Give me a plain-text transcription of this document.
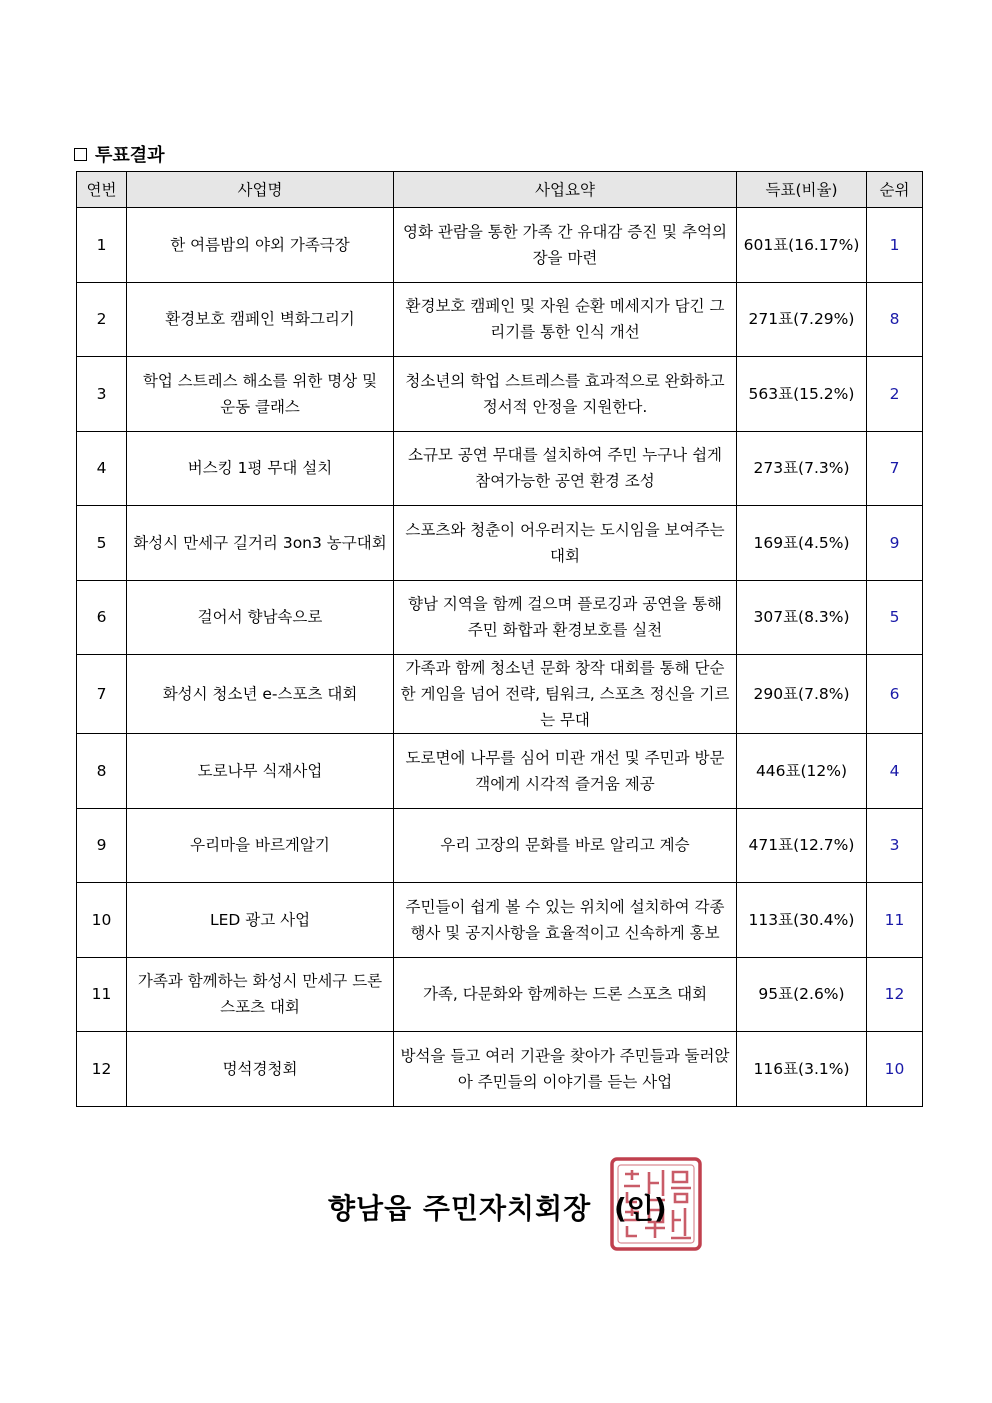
투표결과
연번	사업명	사업요약	득표(비율)	순위
1	한 여름밤의 야외 가족극장	영화 관람을 통한 가족 간 유대감 증진 및 추억의 장을 마련	601표(16.17%)	1
2	환경보호 캠페인 벽화그리기	환경보호 캠페인 및 자원 순환 메세지가 담긴 그리기를 통한 인식 개선	271표(7.29%)	8
3	학업 스트레스 해소를 위한 명상 및 운동 클래스	청소년의 학업 스트레스를 효과적으로 완화하고 정서적 안정을 지원한다.	563표(15.2%)	2
4	버스킹 1평 무대 설치	소규모 공연 무대를 설치하여 주민 누구나 쉽게 참여가능한 공연 환경 조성	273표(7.3%)	7
5	화성시 만세구 길거리 3on3 농구대회	스포츠와 청춘이 어우러지는 도시임을 보여주는 대회	169표(4.5%)	9
6	걸어서 향남속으로	향남 지역을 함께 걸으며 플로깅과 공연을 통해 주민 화합과 환경보호를 실천	307표(8.3%)	5
7	화성시 청소년 e-스포츠 대회	가족과 함께 청소년 문화 창작 대회를 통해 단순한 게임을 넘어 전략, 팀워크, 스포츠 정신을 기르는 무대	290표(7.8%)	6
8	도로나무 식재사업	도로면에 나무를 심어 미관 개선 및 주민과 방문객에게 시각적 즐거움 제공	446표(12%)	4
9	우리마을 바르게알기	우리 고장의 문화를 바로 알리고 계승	471표(12.7%)	3
10	LED 광고 사업	주민들이 쉽게 볼 수 있는 위치에 설치하여 각종 행사 및 공지사항을 효율적이고 신속하게 홍보	113표(30.4%)	11
11	가족과 함께하는 화성시 만세구 드론스포츠 대회	가족, 다문화와 함께하는 드론 스포츠 대회	95표(2.6%)	12
12	멍석경청회	방석을 들고 여러 기관을 찾아가 주민들과 둘러앉아 주민들의 이야기를 듣는 사업	116표(3.1%)	10
향남읍 주민자치회장 (인)
